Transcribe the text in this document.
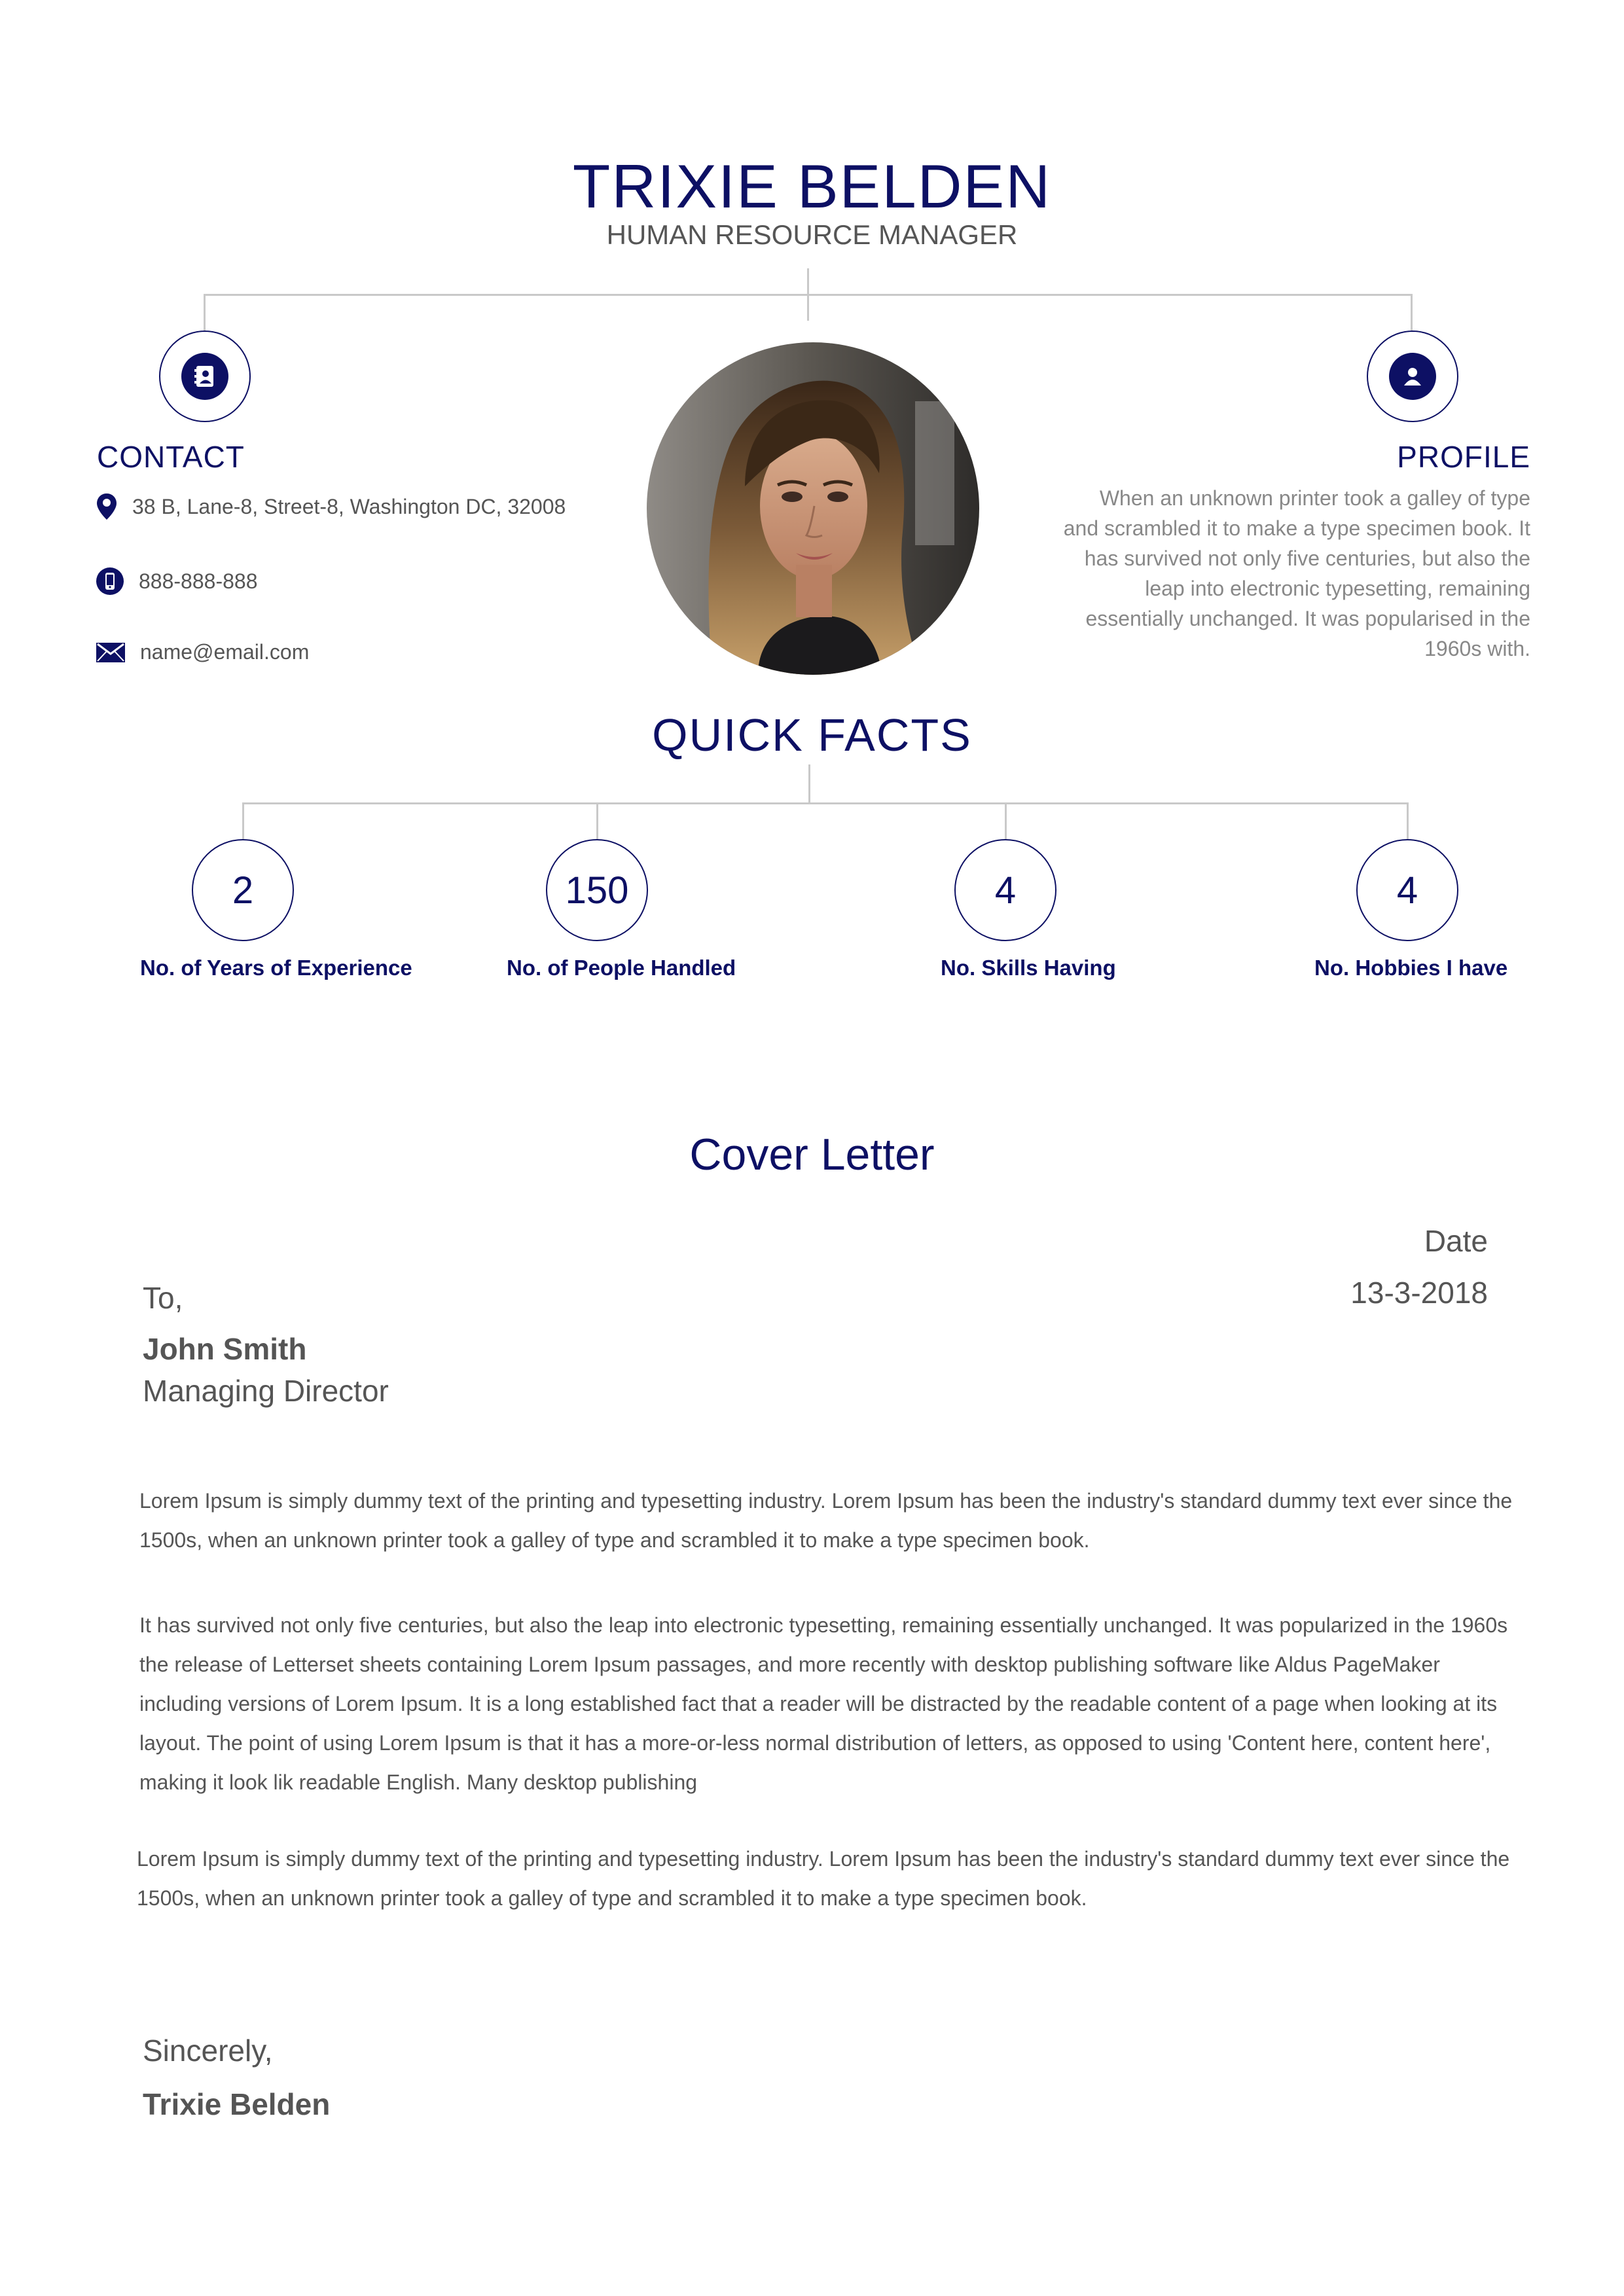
TRIXIE BELDEN
HUMAN RESOURCE MANAGER
CONTACT
38 B, Lane-8, Street-8, Washington DC, 32008
888-888-888
name@email.com
PROFILE
When an unknown printer took a galley of type and scrambled it to make a type specimen book. It has survived not only five centuries, but also the leap into electronic typesetting, remaining essentially unchanged. It was popularised in the 1960s with.
QUICK FACTS
2	150	4	4
No. of Years of Experience	No. of People Handled	No. Skills Having	No. Hobbies I have
Cover Letter
Date
13-3-2018
To,
John Smith
Managing Director
Lorem Ipsum is simply dummy text of the printing and typesetting industry. Lorem Ipsum has been the industry's standard dummy text ever since the 1500s, when an unknown printer took a galley of type and scrambled it to make a type specimen book.
It has survived not only five centuries, but also the leap into electronic typesetting, remaining essentially unchanged. It was popularized in the 1960s the release of Letterset sheets containing Lorem Ipsum passages, and more recently with desktop publishing software like Aldus PageMaker including versions of Lorem Ipsum. It is a long established fact that a reader will be distracted by the readable content of a page when looking at its layout. The point of using Lorem Ipsum is that it has a more-or-less normal distribution of letters, as opposed to using 'Content here, content here', making it look lik readable English. Many desktop publishing
Lorem Ipsum is simply dummy text of the printing and typesetting industry. Lorem Ipsum has been the industry's standard dummy text ever since the 1500s, when an unknown printer took a galley of type and scrambled it to make a type specimen book.
Sincerely,
Trixie Belden
